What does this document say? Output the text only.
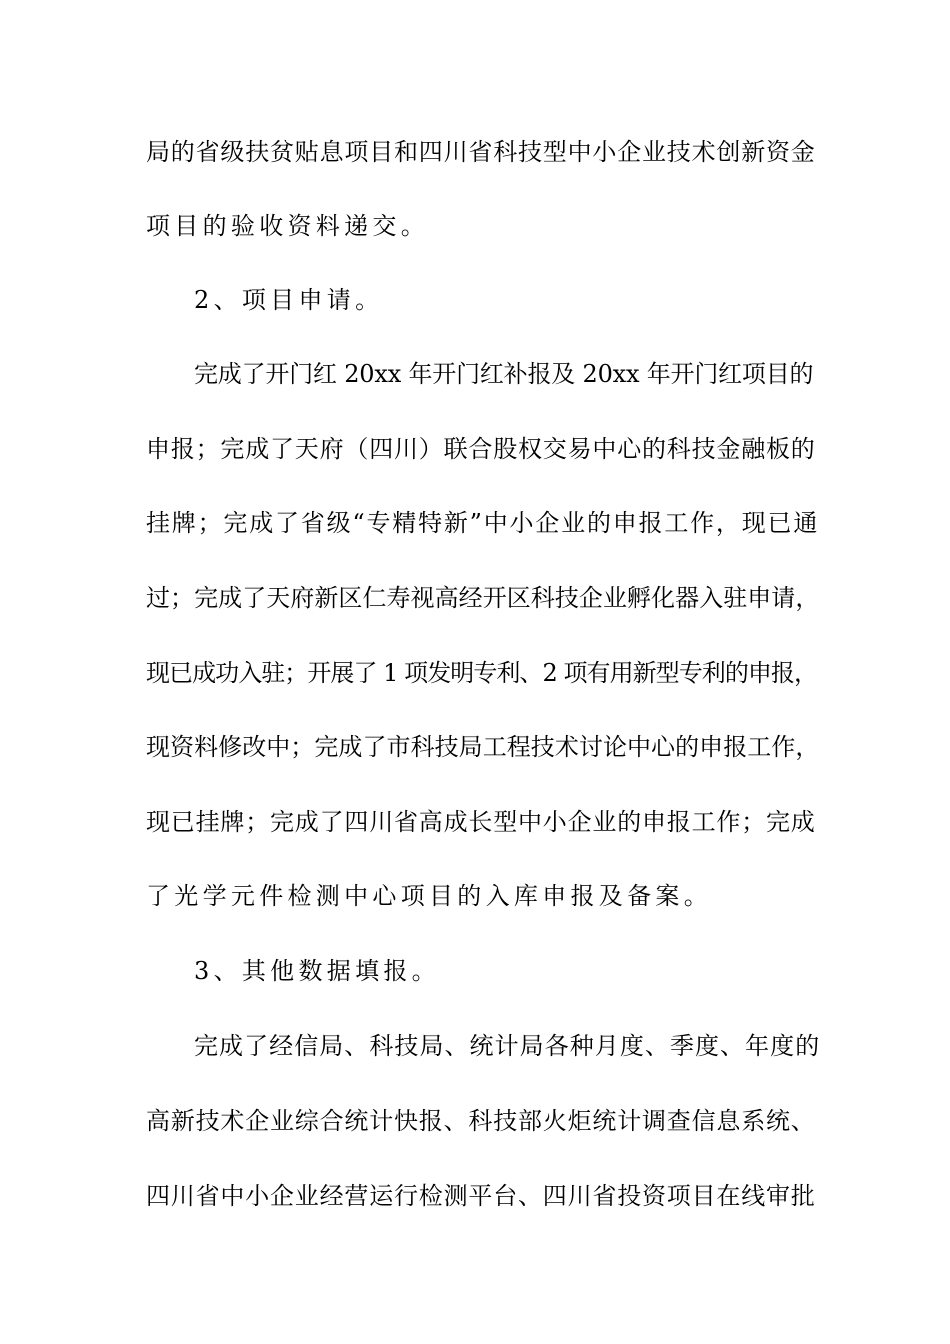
局的省级扶贫贴息项目和四川省科技型中小企业技术创新资金
项目的验收资料递交。
2、项目申请。
完成了开门红 20xx 年开门红补报及 20xx 年开门红项目的
申报；完成了天府（四川）联合股权交易中心的科技金融板的
挂牌；完成了省级“专精特新”中小企业的申报工作，现已通
过；完成了天府新区仁寿视高经开区科技企业孵化器入驻申请，
现已成功入驻；开展了 1 项发明专利、2 项有用新型专利的申报，
现资料修改中；完成了市科技局工程技术讨论中心的申报工作，
现已挂牌；完成了四川省高成长型中小企业的申报工作；完成
了光学元件检测中心项目的入库申报及备案。
3、其他数据填报。
完成了经信局、科技局、统计局各种月度、季度、年度的
高新技术企业综合统计快报、科技部火炬统计调查信息系统、
四川省中小企业经营运行检测平台、四川省投资项目在线审批
